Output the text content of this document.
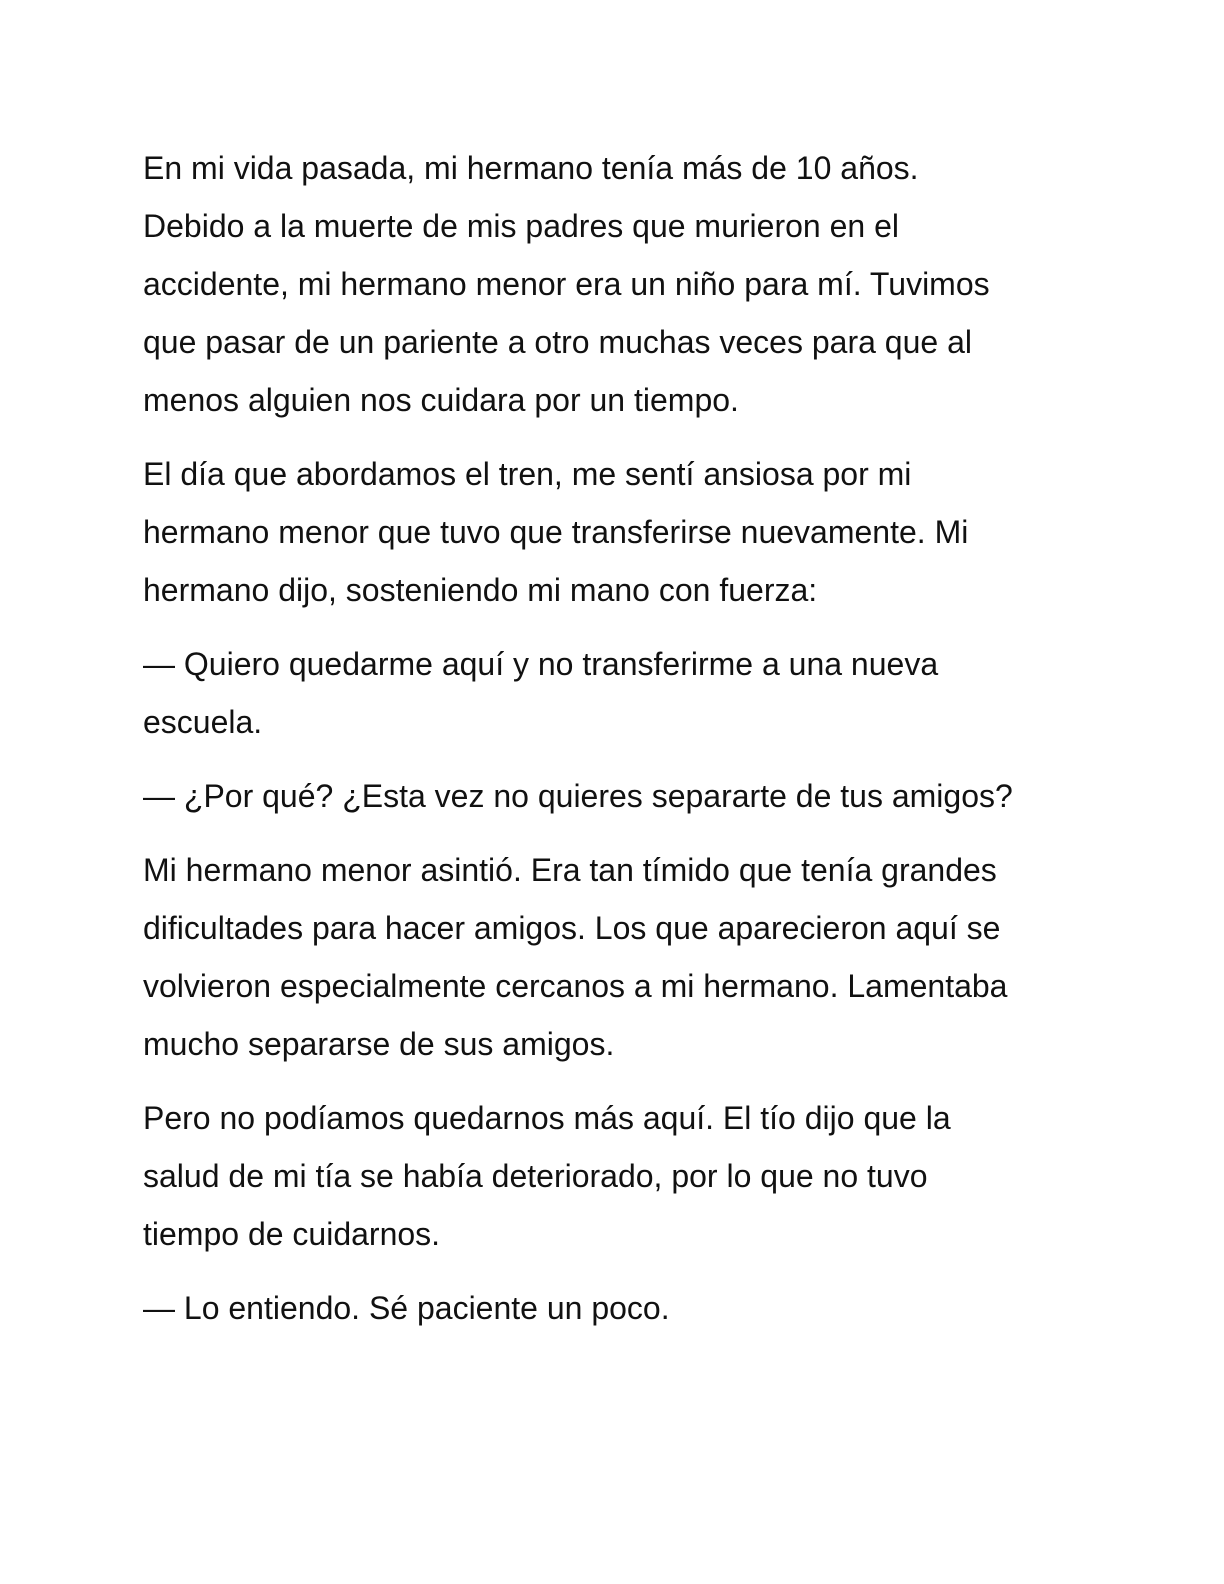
En mi vida pasada, mi hermano tenía más de 10 años.
Debido a la muerte de mis padres que murieron en el
accidente, mi hermano menor era un niño para mí. Tuvimos
que pasar de un pariente a otro muchas veces para que al
menos alguien nos cuidara por un tiempo.

El día que abordamos el tren, me sentí ansiosa por mi
hermano menor que tuvo que transferirse nuevamente. Mi
hermano dijo, sosteniendo mi mano con fuerza:

— Quiero quedarme aquí y no transferirme a una nueva
escuela.

— ¿Por qué? ¿Esta vez no quieres separarte de tus amigos?

Mi hermano menor asintió. Era tan tímido que tenía grandes
dificultades para hacer amigos. Los que aparecieron aquí se
volvieron especialmente cercanos a mi hermano. Lamentaba
mucho separarse de sus amigos.

Pero no podíamos quedarnos más aquí. El tío dijo que la
salud de mi tía se había deteriorado, por lo que no tuvo
tiempo de cuidarnos.

— Lo entiendo. Sé paciente un poco.
